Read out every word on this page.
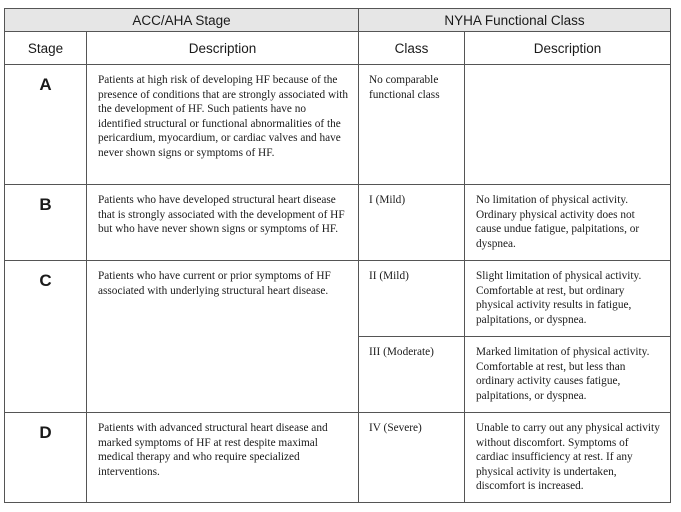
ACC/AHA Stage		NYHA Functional Class	
Stage	Description	Class	Description
A	Patients at high risk of developing HF because of the presence of conditions that are strongly associated with the development of HF. Such patients have no identified structural or functional abnormalities of the pericardium, myocardium, or cardiac valves and have never shown signs or symptoms of HF.	No comparable functional class	
B	Patients who have developed structural heart disease that is strongly associated with the development of HF but who have never shown signs or symptoms of HF.	I (Mild)	No limitation of physical activity. Ordinary physical activity does not cause undue fatigue, palpitations, or dyspnea.
C	Patients who have current or prior symptoms of HF associated with underlying structural heart disease.	II (Mild)	Slight limitation of physical activity. Comfortable at rest, but ordinary physical activity results in fatigue, palpitations, or dyspnea.
		III (Moderate)	Marked limitation of physical activity. Comfortable at rest, but less than ordinary activity causes fatigue, palpitations, or dyspnea.
D	Patients with advanced structural heart disease and marked symptoms of HF at rest despite maximal medical therapy and who require specialized interventions.	IV (Severe)	Unable to carry out any physical activity without discomfort. Symptoms of cardiac insufficiency at rest. If any physical activity is undertaken, discomfort is increased.
